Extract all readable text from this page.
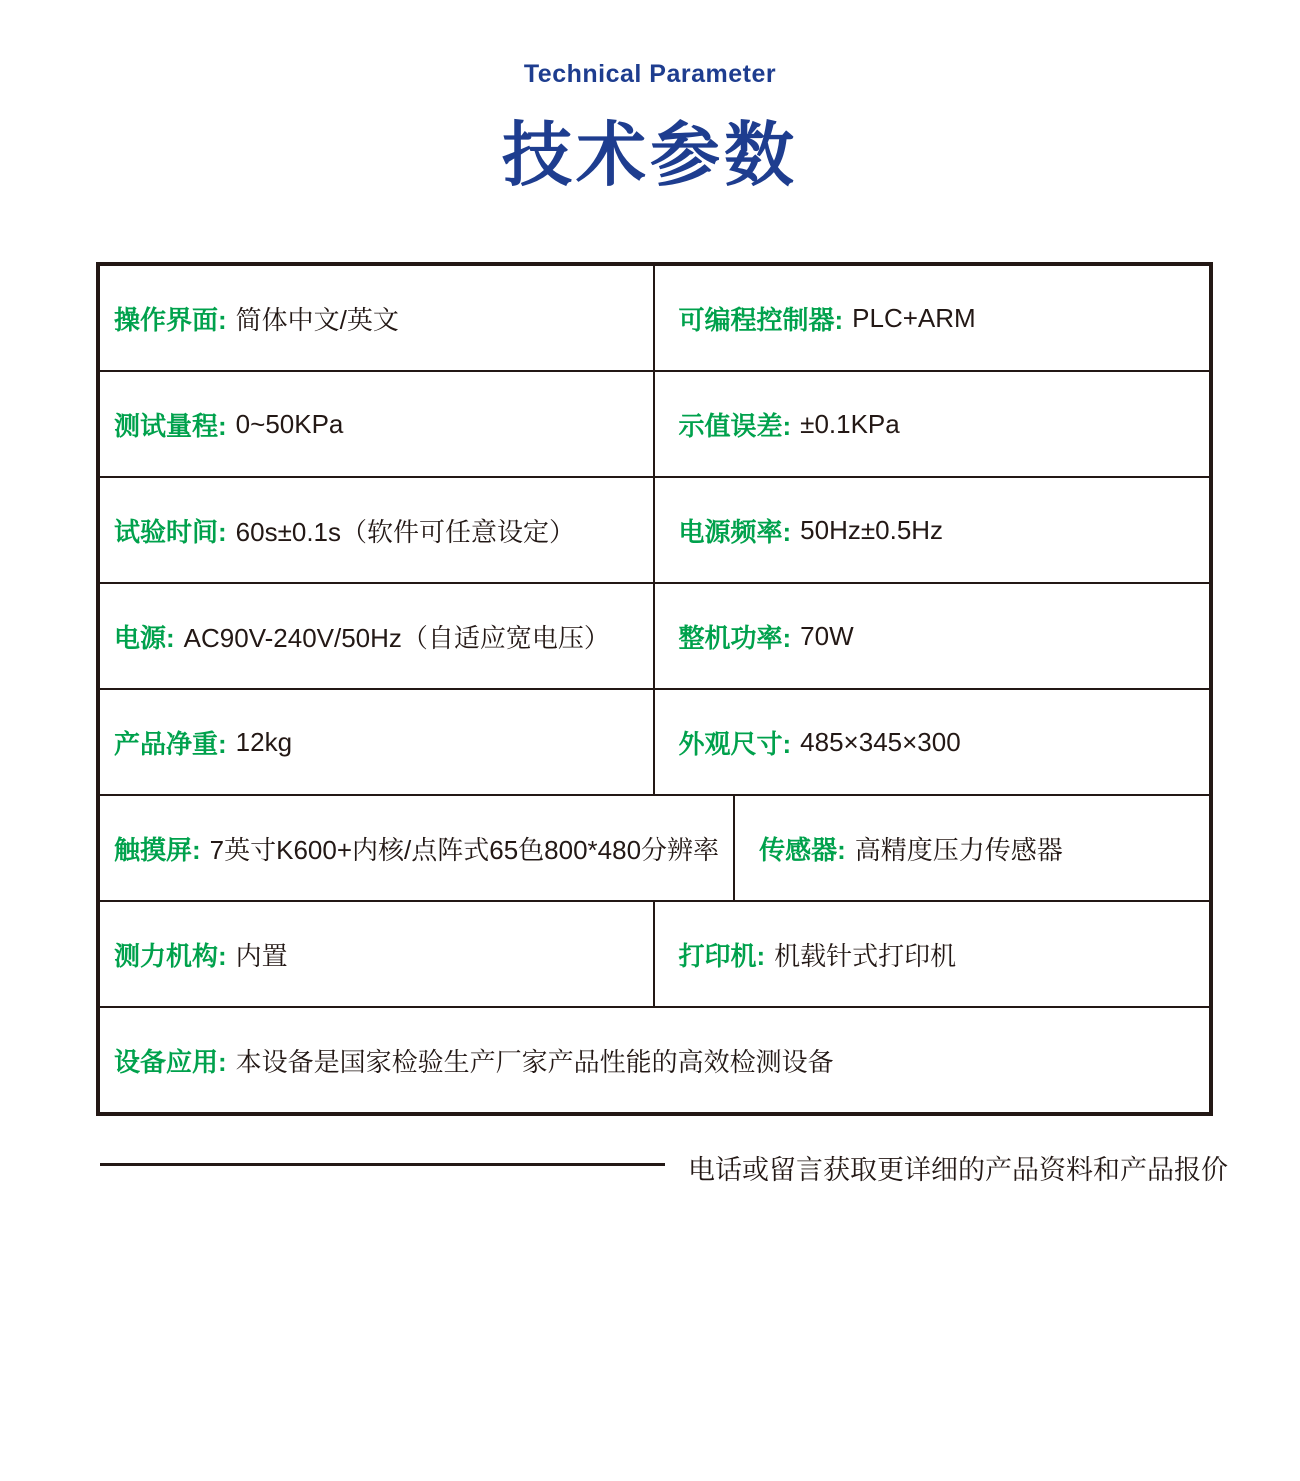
Technical Parameter
技术参数
操作界面: 简体中文/英文	可编程控制器: PLC+ARM
测试量程: 0~50KPa	示值误差: ±0.1KPa
试验时间: 60s±0.1s（软件可任意设定）	电源频率: 50Hz±0.5Hz
电源: AC90V-240V/50Hz（自适应宽电压）	整机功率: 70W
产品净重: 12kg	外观尺寸: 485×345×300
触摸屏: 7英寸K600+内核/点阵式65色800*480分辨率 传感器: 高精度压力传感器
测力机构: 内置	打印机: 机载针式打印机
设备应用: 本设备是国家检验生产厂家产品性能的高效检测设备
电话或留言获取更详细的产品资料和产品报价
